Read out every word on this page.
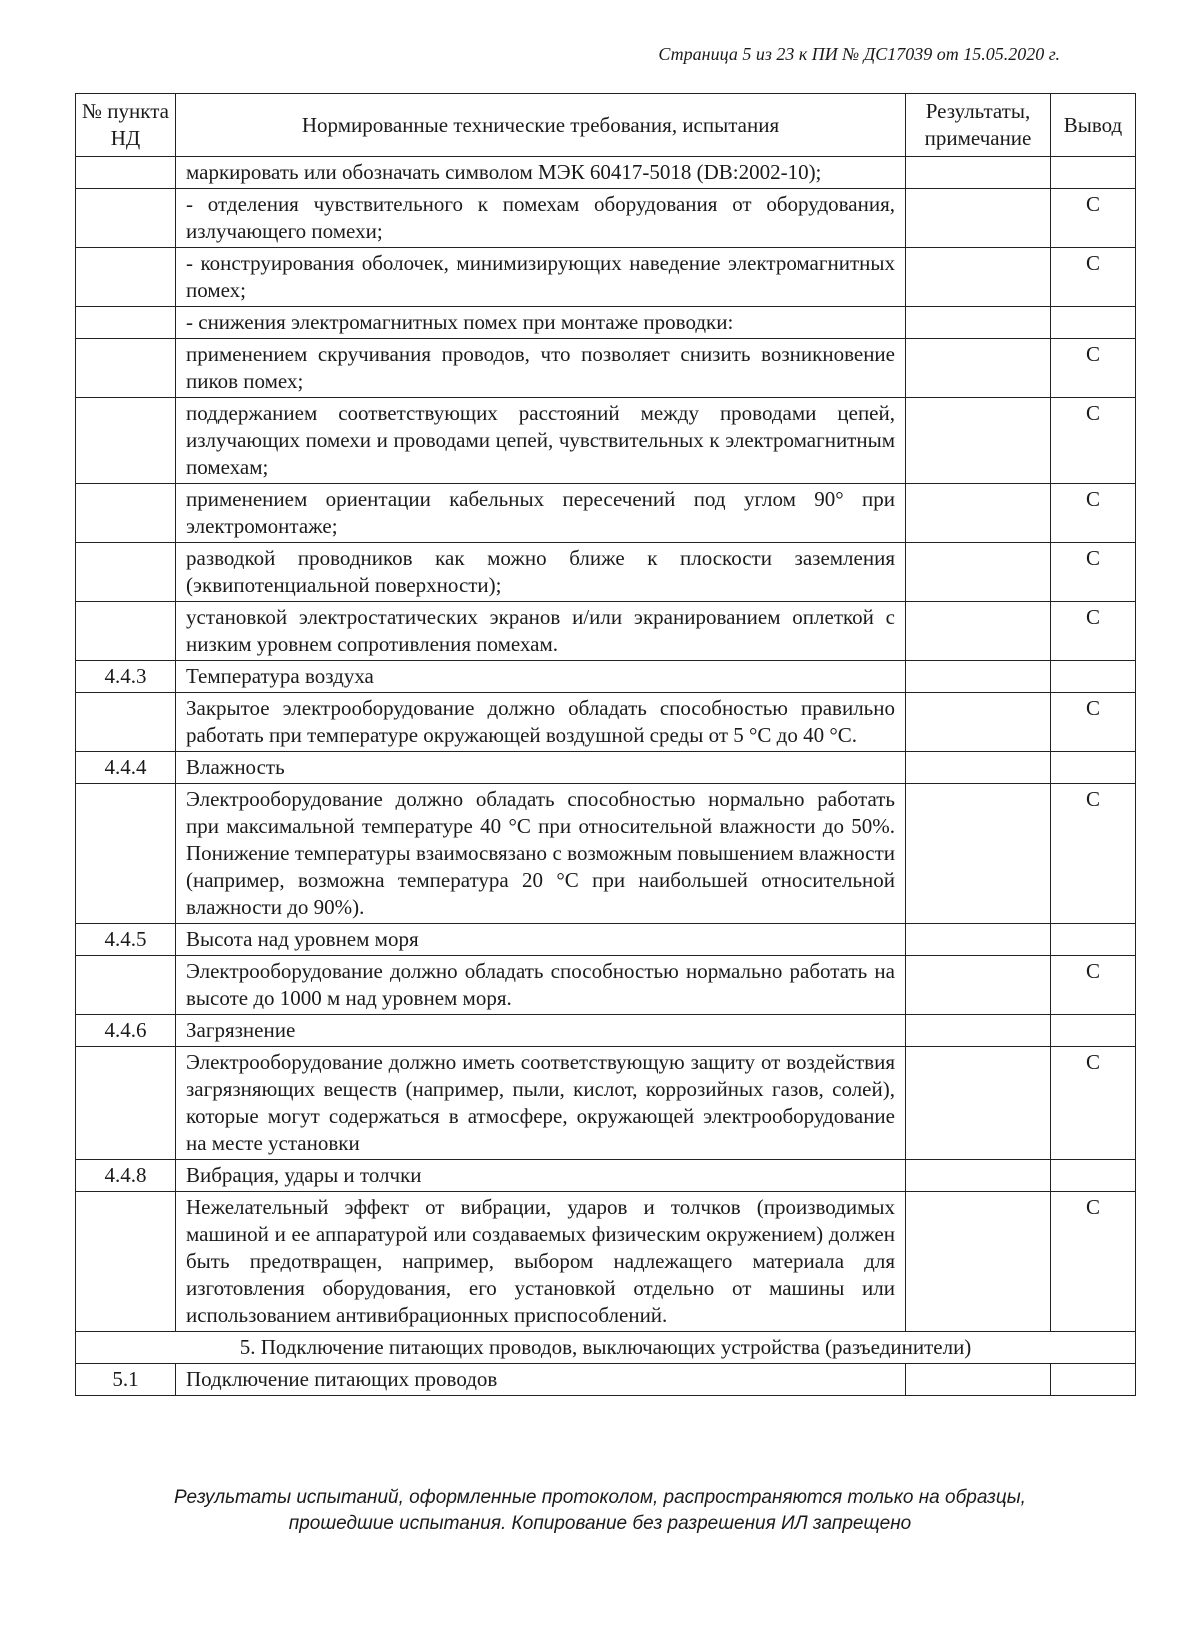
Страница 5 из 23 к ПИ № ДС17039 от 15.05.2020 г.
№ пункта НД	Нормированные технические требования, испытания	Результаты, примечание	Вывод
	маркировать или обозначать символом МЭК 60417-5018 (DB:2002-10);		
	- отделения чувствительного к помехам оборудования от оборудования, излучающего помехи;		С
	- конструирования оболочек, минимизирующих наведение электромагнитных помех;		С
	- снижения электромагнитных помех при монтаже проводки:		
	применением скручивания проводов, что позволяет снизить возникновение пиков помех;		С
	поддержанием соответствующих расстояний между проводами цепей, излучающих помехи и проводами цепей, чувствительных к электромагнитным помехам;		С
	применением ориентации кабельных пересечений под углом 90° при электромонтаже;		С
	разводкой проводников как можно ближе к плоскости заземления (эквипотенциальной поверхности);		С
	установкой электростатических экранов и/или экранированием оплеткой с низким уровнем сопротивления помехам.		С
4.4.3	Температура воздуха		
	Закрытое электрооборудование должно обладать способностью правильно работать при температуре окружающей воздушной среды от 5 °С до 40 °С.		С
4.4.4	Влажность		
	Электрооборудование должно обладать способностью нормально работать при максимальной температуре 40 °С при относительной влажности до 50%. Понижение температуры взаимосвязано с возможным повышением влажности (например, возможна температура 20 °С при наибольшей относительной влажности до 90%).		С
4.4.5	Высота над уровнем моря		
	Электрооборудование должно обладать способностью нормально работать на высоте до 1000 м над уровнем моря.		С
4.4.6	Загрязнение		
	Электрооборудование должно иметь соответствующую защиту от воздействия загрязняющих веществ (например, пыли, кислот, коррозийных газов, солей), которые могут содержаться в атмосфере, окружающей электрооборудование на месте установки		С
4.4.8	Вибрация, удары и толчки		
	Нежелательный эффект от вибрации, ударов и толчков (производимых машиной и ее аппаратурой или создаваемых физическим окружением) должен быть предотвращен, например, выбором надлежащего материала для изготовления оборудования, его установкой отдельно от машины или использованием антивибрационных приспособлений.		С
5. Подключение питающих проводов, выключающих устройства (разъединители)			
5.1	Подключение питающих проводов		
Результаты испытаний, оформленные протоколом, распространяются только на образцы,
прошедшие испытания. Копирование без разрешения ИЛ запрещено
